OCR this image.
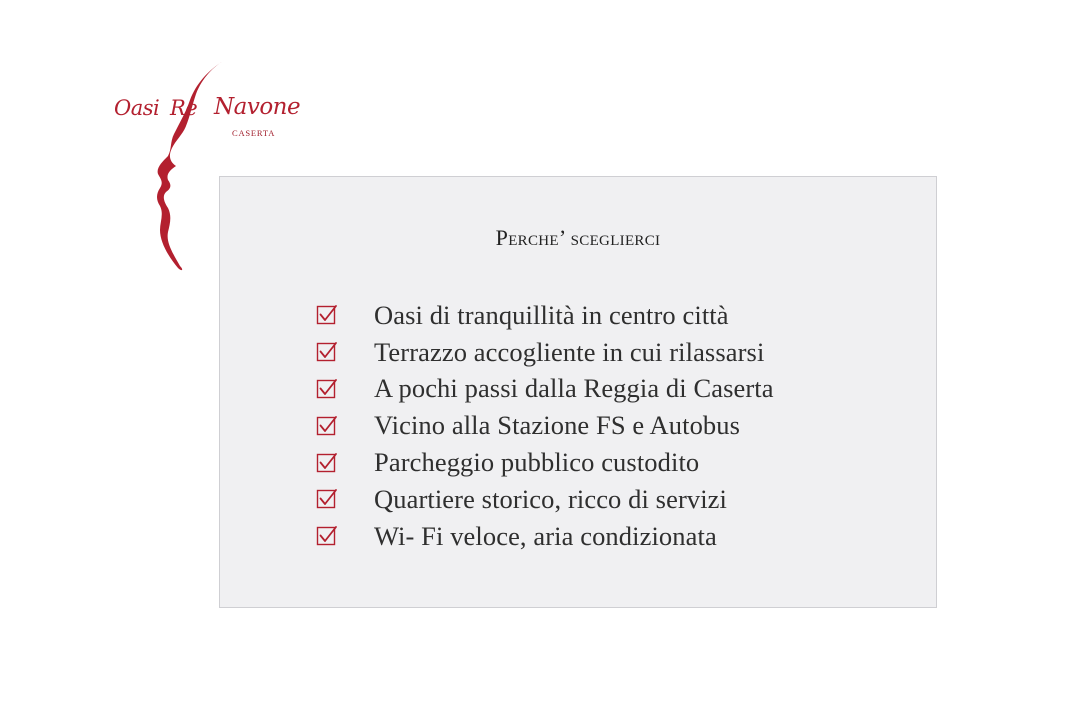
Oasi Re Navone
CASERTA
Perche’ sceglierci
Oasi di tranquillità in centro città
Terrazzo accogliente in cui rilassarsi
A pochi passi dalla Reggia di Caserta
Vicino alla Stazione FS e Autobus
Parcheggio pubblico custodito
Quartiere storico, ricco di servizi
Wi- Fi veloce, aria condizionata
